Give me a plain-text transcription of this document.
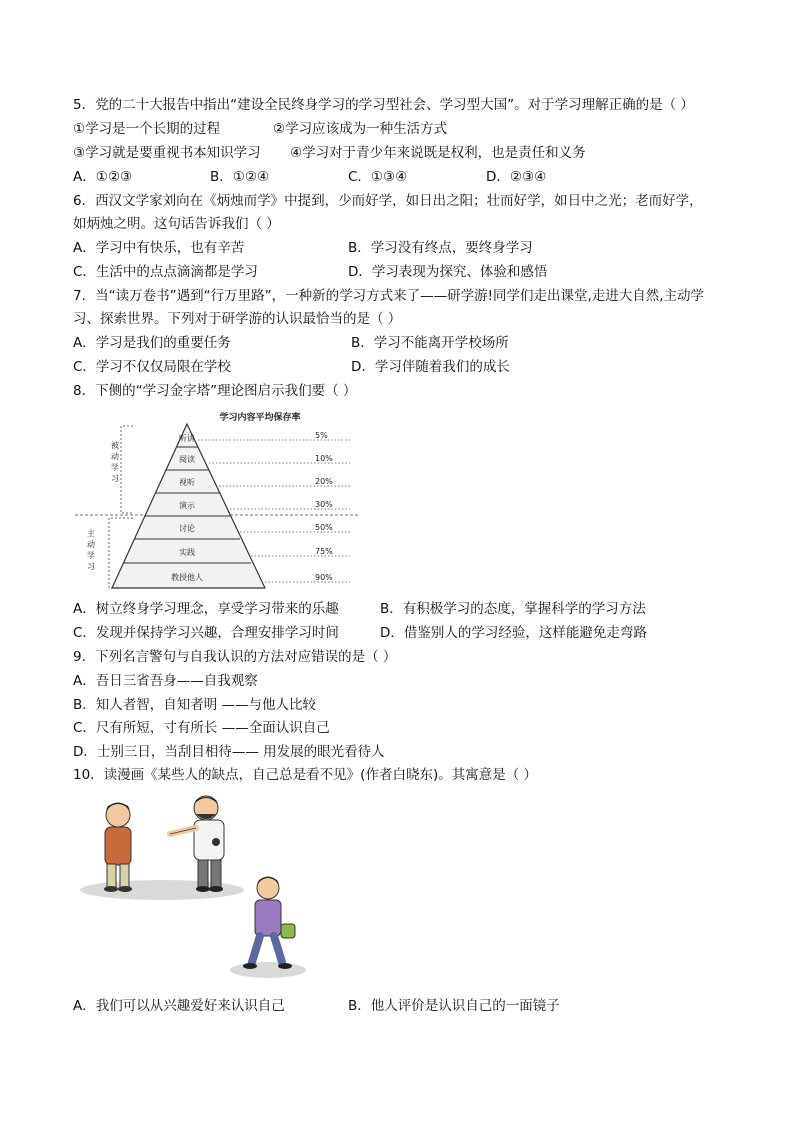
5．党的二十大报告中指出“建设全民终身学习的学习型社会、学习型大国”。对于学习理解正确的是（ ）
①学习是一个长期的过程	②学习应该成为一种生活方式
③学习就是要重视书本知识学习 ④学习对于青少年来说既是权利，也是责任和义务
A．①②③	B．①②④	C．①③④	D．②③④
6．西汉文学家刘向在《炳烛而学》中提到，少而好学，如日出之阳；壮而好学，如日中之光；老而好学，
如炳烛之明。这句话告诉我们（ ）
A．学习中有快乐，也有辛苦	B．学习没有终点，要终身学习
C．生活中的点点滴滴都是学习	D．学习表现为探究、体验和感悟
7．当“读万卷书”遇到“行万里路”，一种新的学习方式来了——研学游!同学们走出课堂,走进大自然,主动学
习、探索世界。下列对于研学游的认识最恰当的是（ ）
A．学习是我们的重要任务	B．学习不能离开学校场所
C．学习不仅仅局限在学校	D．学习伴随着我们的成长
8．下侧的“学习金字塔”理论图启示我们要（ ）
学习内容平均保存率
被
动
学
习
主
动
学
习
听讲
阅读
视听
演示
讨论
实践
教授他人
5%
10%
20%
30%
50%
75%
90%
A．树立终身学习理念，享受学习带来的乐趣	B．有积极学习的态度，掌握科学的学习方法
C．发现并保持学习兴趣，合理安排学习时间	D．借鉴别人的学习经验，这样能避免走弯路
9．下列名言警句与自我认识的方法对应错误的是（ ）
A．吾日三省吾身——自我观察
B．知人者智，自知者明 ——与他人比较
C．尺有所短，寸有所长 ——全面认识自己
D．士别三日，当刮目相待—— 用发展的眼光看待人
10．读漫画《某些人的缺点，自己总是看不见》(作者白晓东)。其寓意是（ ）
A．我们可以从兴趣爱好来认识自己	B．他人评价是认识自己的一面镜子
